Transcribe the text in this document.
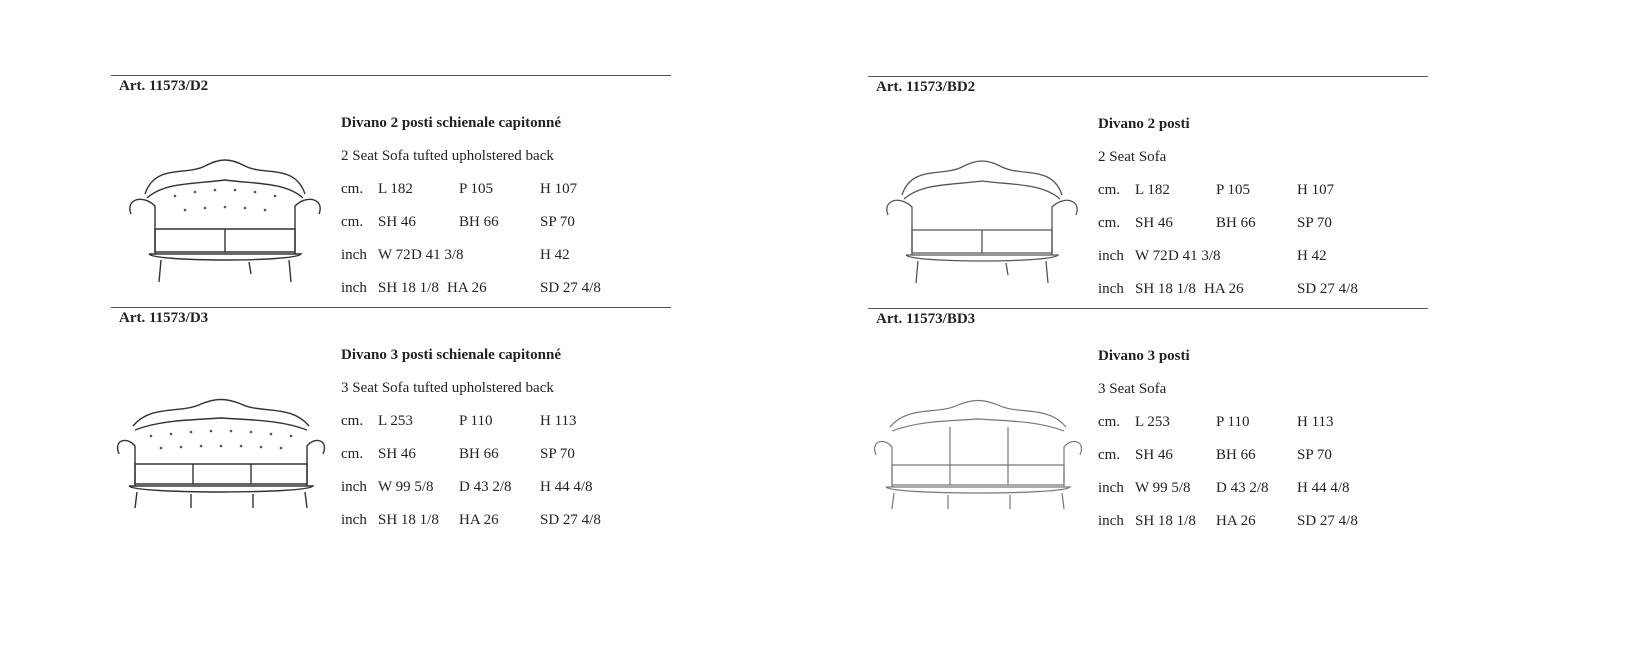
Art. 11573/D2
Divano 2 posti schienale capitonné
2 Seat Sofa tufted upholstered back
cm. L 182	P 105	H 107
cm. SH 46	BH 66	SP 70
inch W 72 D 41 3/8	H 42
inch SH 18 1/8 HA 26	SD 27 4/8
Art. 11573/D3
Divano 3 posti schienale capitonné
3 Seat Sofa tufted upholstered back
cm. L 253	P 110	H 113
cm. SH 46	BH 66	SP 70
inch W 99 5/8 D 43 2/8 H 44 4/8
inch SH 18 1/8 HA 26	SD 27 4/8
Art. 11573/BD2
Divano 2 posti
2 Seat Sofa
cm. L 182	P 105	H 107
cm. SH 46	BH 66	SP 70
inch W 72 D 41 3/8	H 42
inch SH 18 1/8 HA 26	SD 27 4/8
Art. 11573/BD3
Divano 3 posti
3 Seat Sofa
cm. L 253	P 110	H 113
cm. SH 46	BH 66	SP 70
inch W 99 5/8 D 43 2/8 H 44 4/8
inch SH 18 1/8 HA 26	SD 27 4/8
